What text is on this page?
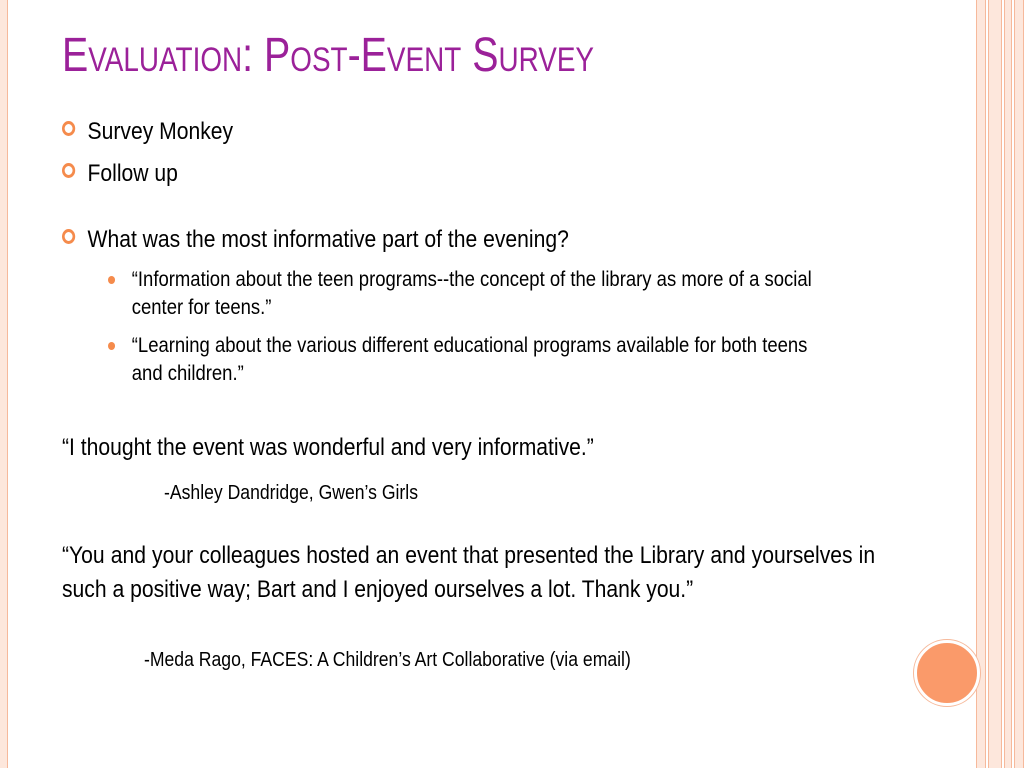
Evaluation: Post-Event Survey
Survey Monkey
Follow up
What was the most informative part of the evening?
“Information about the teen programs--the concept of the library as more of a social center for teens.”
“Learning about the various different educational programs available for both teens and children.”
“I thought the event was wonderful and very informative.”
-Ashley Dandridge, Gwen’s Girls
“You and your colleagues hosted an event that presented the Library and yourselves in such a positive way; Bart and I enjoyed ourselves a lot. Thank you.”
-Meda Rago, FACES: A Children’s Art Collaborative (via email)
